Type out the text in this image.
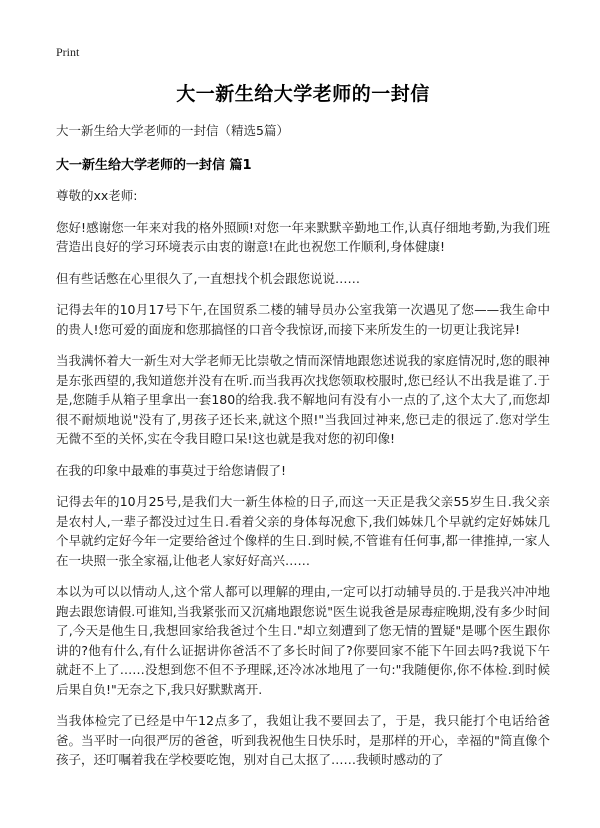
Print
大一新生给大学老师的一封信
大一新生给大学老师的一封信（精选5篇）
大一新生给大学老师的一封信 篇1

尊敬的xx老师:

您好!感谢您一年来对我的格外照顾!对您一年来默默辛勤地工作,认真仔细地考勤,为我们班营造出良好的学习环境表示由衷的谢意!在此也祝您工作顺利,身体健康!

但有些话憋在心里很久了,一直想找个机会跟您说说……

记得去年的10月17号下午,在国贸系二楼的辅导员办公室我第一次遇见了您——我生命中的贵人!您可爱的面庞和您那搞怪的口音令我惊讶,而接下来所发生的一切更让我诧异!

当我满怀着大一新生对大学老师无比崇敬之情而深情地跟您述说我的家庭情况时,您的眼神是东张西望的,我知道您并没有在听.而当我再次找您领取校服时,您已经认不出我是谁了.于是,您随手从箱子里拿出一套180的给我.我不解地问有没有小一点的了,这个太大了,而您却很不耐烦地说"没有了,男孩子还长来,就这个照!"当我回过神来,您已走的很远了.您对学生无微不至的关怀,实在令我目瞪口呆!这也就是我对您的初印像!

在我的印象中最难的事莫过于给您请假了!

记得去年的10月25号,是我们大一新生体检的日子,而这一天正是我父亲55岁生日.我父亲是农村人,一辈子都没过过生日.看着父亲的身体每况愈下,我们姊妹几个早就约定好姊妹几个早就约定好今年一定要给爸过个像样的生日.到时候,不管谁有任何事,都一律推掉,一家人在一块照一张全家福,让他老人家好好高兴……

本以为可以以情动人,这个常人都可以理解的理由,一定可以打动辅导员的.于是我兴冲冲地跑去跟您请假.可谁知,当我紧张而又沉痛地跟您说"医生说我爸是尿毒症晚期,没有多少时间了,今天是他生日,我想回家给我爸过个生日."却立刻遭到了您无情的置疑"是哪个医生跟你讲的?他有什么,有什么证据讲你爸活不了多长时间了?你要回家不能下午回去吗?我说下午就赶不上了……没想到您不但不予理睬,还冷冰冰地甩了一句:"我随便你,你不体检.到时候后果自负!"无奈之下,我只好默默离开.

当我体检完了已经是中午12点多了，我姐让我不要回去了，于是，我只能打个电话给爸爸。当平时一向很严厉的爸爸，听到我祝他生日快乐时，是那样的开心，幸福的"简直像个孩子，还叮嘱着我在学校要吃饱，别对自己太抠了……我顿时感动的了
